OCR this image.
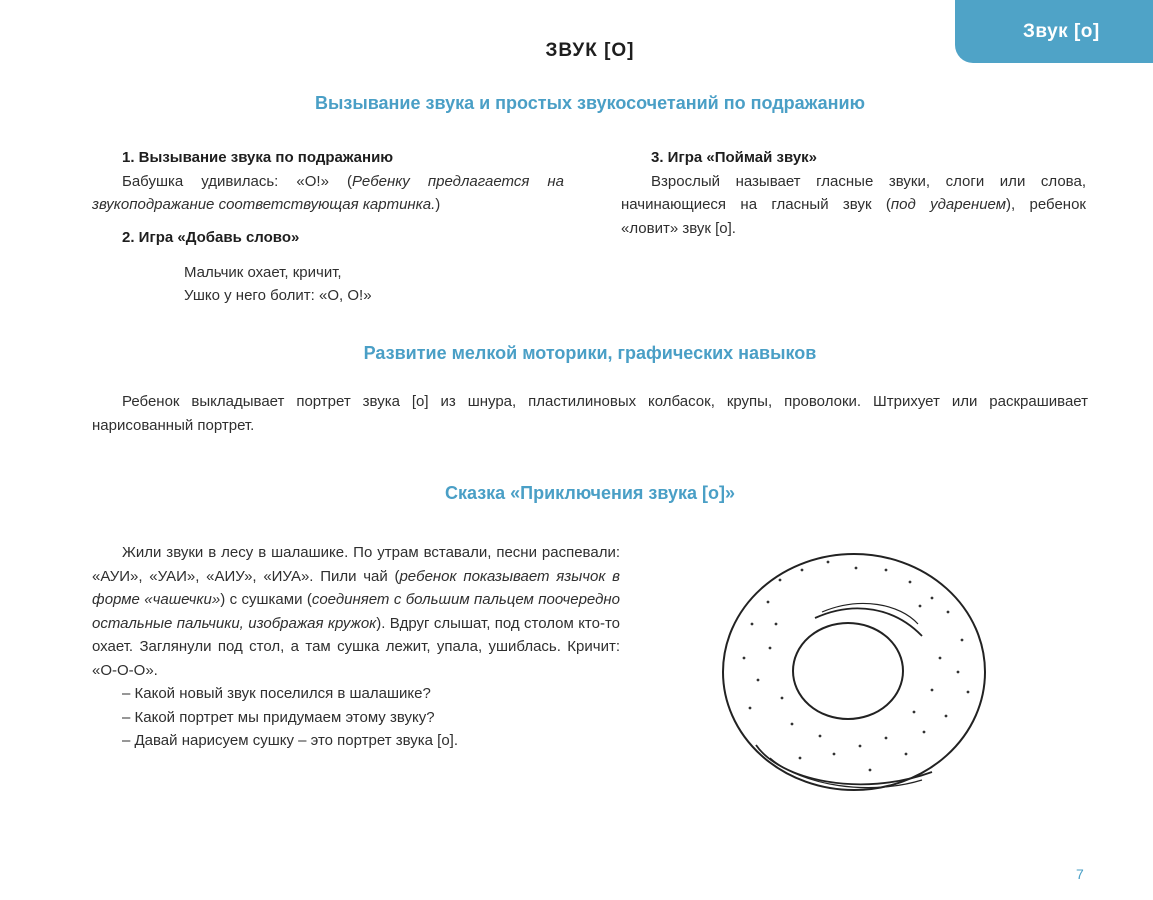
Звук [о]
ЗВУК [О]
Вызывание звука и простых звукосочетаний по подражанию

1. Вызывание звука по подражанию

Бабушка удивилась: «О!» (Ребенку предлагается на звукоподражание соответствующая картинка.)

2. Игра «Добавь слово»

Мальчик охает, кричит,

Ушко у него болит: «О, О!»

3. Игра «Поймай звук»

Взрослый называет гласные звуки, слоги или слова, начинающиеся на гласный звук (под ударением), ребенок «ловит» звук [о].

Развитие мелкой моторики, графических навыков

Ребенок выкладывает портрет звука [о] из шнура, пластилиновых колбасок, крупы, проволоки. Штрихует или раскрашивает нарисованный портрет.

Сказка «Приключения звука [о]»

Жили звуки в лесу в шалашике. По утрам вставали, песни распевали: «АУИ», «УАИ», «АИУ», «ИУА». Пили чай (ребенок показывает язычок в форме «чашечки») с сушками (соединяет с большим пальцем поочередно остальные пальчики, изображая кружок). Вдруг слышат, под столом кто-то охает. Заглянули под стол, а там сушка лежит, упала, ушиблась. Кричит: «О-О-О».

– Какой новый звук поселился в шалашике?

– Какой портрет мы придумаем этому звуку?

– Давай нарисуем сушку – это портрет звука [о].

7
